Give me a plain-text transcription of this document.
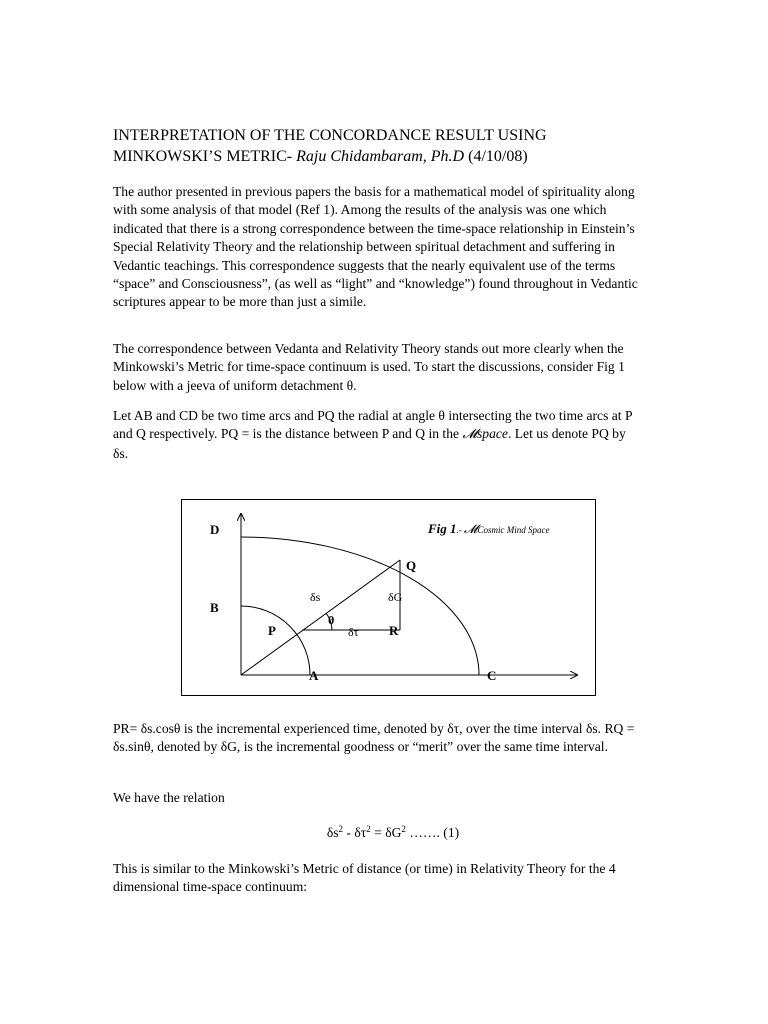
INTERPRETATION OF THE CONCORDANCE RESULT USING
MINKOWSKI’S METRIC- Raju Chidambaram, Ph.D (4/10/08)

The author presented in previous papers the basis for a mathematical model of spirituality along with some analysis of that model (Ref 1). Among the results of the analysis was one which indicated that there is a strong correspondence between the time-space relationship in Einstein’s Special Relativity Theory and the relationship between spiritual detachment and suffering in Vedantic teachings. This correspondence suggests that the nearly equivalent use of the terms “space” and Consciousness”, (as well as “light” and “knowledge”) found throughout in Vedantic scriptures appear to be more than just a simile.

The correspondence between Vedanta and Relativity Theory stands out more clearly when the Minkowski’s Metric for time-space continuum is used. To start the discussions, consider Fig 1 below with a jeeva of uniform detachment θ.

Let AB and CD be two time arcs and PQ the radial at angle θ intersecting the two time arcs at P and Q respectively. PQ = is the distance between P and Q in the 𝓜space. Let us denote PQ by δs.

PR= δs.cosθ is the incremental experienced time, denoted by δτ, over the time interval δs. RQ = δs.sinθ, denoted by δG, is the incremental goodness or “merit” over the same time interval.

We have the relation

$\delta s^2 - \delta\tau^2 = \delta G^2$ ……. (1)

This is similar to the Minkowski’s Metric of distance (or time) in Relativity Theory for the 4 dimensional time-space continuum:

D
B
P
Q
R
A	C
δs	δG
θ
δτ
Fig 1.- 𝓜Cosmic Mind Space
